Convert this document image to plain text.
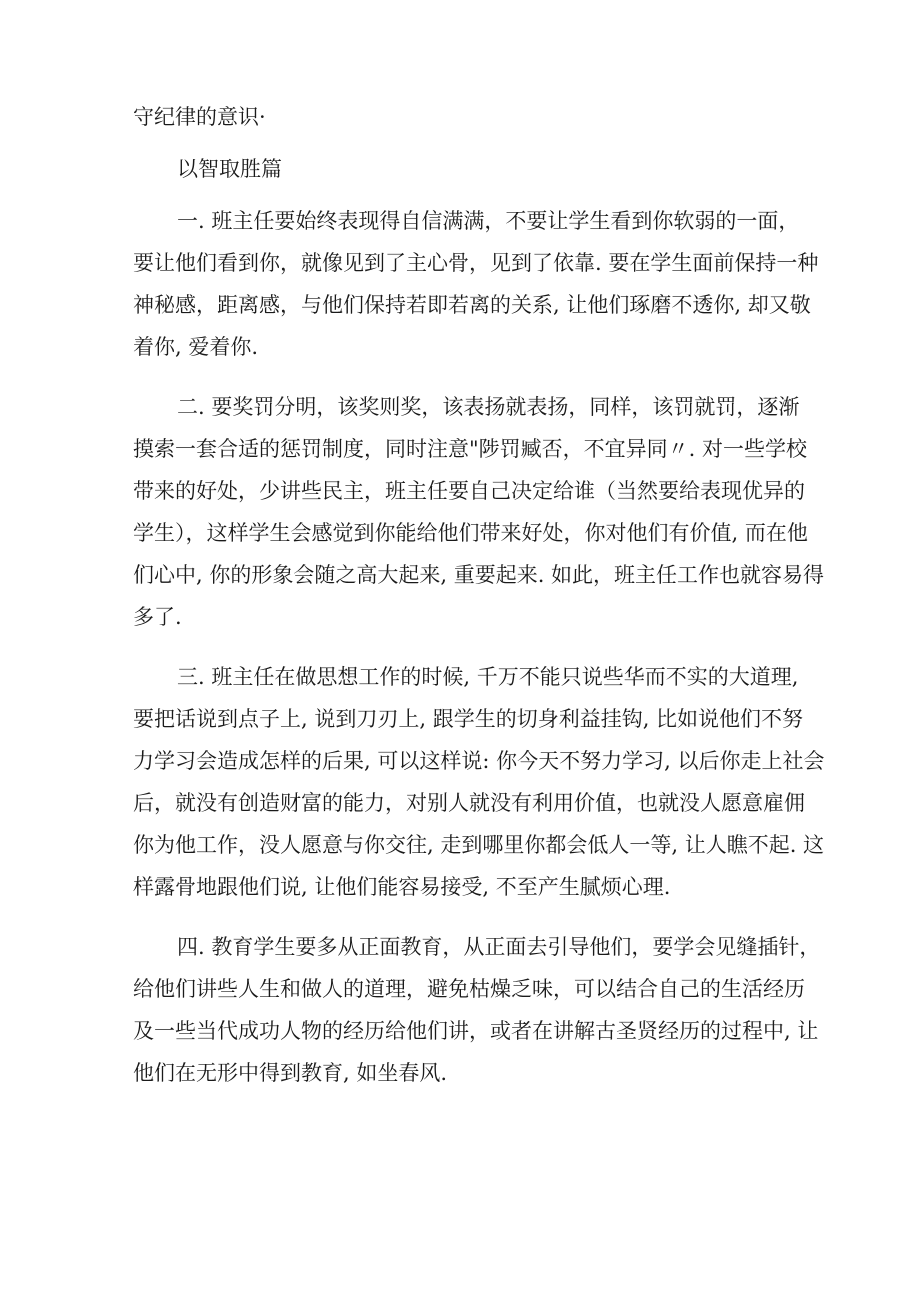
守纪律的意识·
以智取胜篇
一. 班主任要始终表现得自信满满，不要让学生看到你软弱的一面，
要让他们看到你，就像见到了主心骨，见到了依靠. 要在学生面前保持一种
神秘感，距离感，与他们保持若即若离的关系, 让他们琢磨不透你, 却又敬
着你, 爱着你.
二. 要奖罚分明，该奖则奖，该表扬就表扬，同样，该罚就罚，逐渐
摸索一套合适的惩罚制度，同时注意"陟罚臧否，不宜异同〃. 对一些学校
带来的好处，少讲些民主，班主任要自己决定给谁（当然要给表现优异的
学生），这样学生会感觉到你能给他们带来好处，你对他们有价值, 而在他
们心中, 你的形象会随之高大起来, 重要起来. 如此，班主任工作也就容易得
多了.
三. 班主任在做思想工作的时候, 千万不能只说些华而不实的大道理,
要把话说到点子上, 说到刀刃上, 跟学生的切身利益挂钩, 比如说他们不努
力学习会造成怎样的后果, 可以这样说: 你今天不努力学习, 以后你走上社会
后，就没有创造财富的能力，对别人就没有利用价值，也就没人愿意雇佣
你为他工作，没人愿意与你交往, 走到哪里你都会低人一等, 让人瞧不起. 这
样露骨地跟他们说, 让他们能容易接受, 不至产生腻烦心理.
四. 教育学生要多从正面教育，从正面去引导他们，要学会见缝插针，
给他们讲些人生和做人的道理，避免枯燥乏味，可以结合自己的生活经历
及一些当代成功人物的经历给他们讲，或者在讲解古圣贤经历的过程中, 让
他们在无形中得到教育, 如坐春风.
